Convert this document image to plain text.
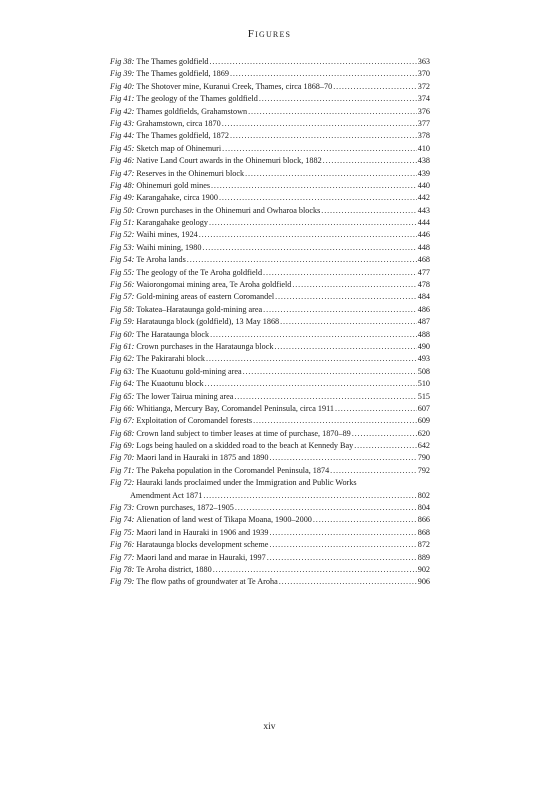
Figures
Fig 38: The Thames goldfield . . .	363
Fig 39: The Thames goldfield, 1869 . . .	370
Fig 40: The Shotover mine, Kuranui Creek, Thames, circa 1868–70 . . .	372
Fig 41: The geology of the Thames goldfield . . .	374
Fig 42: Thames goldfields, Grahamstown . . .	376
Fig 43: Grahamstown, circa 1870 . . .	377
Fig 44: The Thames goldfield, 1872 . . .	378
Fig 45: Sketch map of Ohinemuri . . .	410
Fig 46: Native Land Court awards in the Ohinemuri block, 1882 . . .	438
Fig 47: Reserves in the Ohinemuri block . . .	439
Fig 48: Ohinemuri gold mines . . .	440
Fig 49: Karangahake, circa 1900 . . .	442
Fig 50: Crown purchases in the Ohinemuri and Owharoa blocks . . .	443
Fig 51: Karangahake geology . . .	444
Fig 52: Waihi mines, 1924 . . .	446
Fig 53: Waihi mining, 1980 . . .	448
Fig 54: Te Aroha lands . . .	468
Fig 55: The geology of the Te Aroha goldfield . . .	477
Fig 56: Waiorongomai mining area, Te Aroha goldfield . . .	478
Fig 57: Gold-mining areas of eastern Coromandel . . .	484
Fig 58: Tokatea–Harataunga gold-mining area . . .	486
Fig 59: Harataunga block (goldfield), 13 May 1868 . . .	487
Fig 60: The Harataunga block . . .	488
Fig 61: Crown purchases in the Harataunga block . . .	490
Fig 62: The Pakirarahi block . . .	493
Fig 63: The Kuaotunu gold-mining area . . .	508
Fig 64: The Kuaotunu block . . .	510
Fig 65: The lower Tairua mining area . . .	515
Fig 66: Whitianga, Mercury Bay, Coromandel Peninsula, circa 1911 . . .	607
Fig 67: Exploitation of Coromandel forests . . .	609
Fig 68: Crown land subject to timber leases at time of purchase, 1870–89 . . .	620
Fig 69: Logs being hauled on a skidded road to the beach at Kennedy Bay . . .	642
Fig 70: Maori land in Hauraki in 1875 and 1890 . . .	790
Fig 71: The Pakeha population in the Coromandel Peninsula, 1874 . . .	792
Fig 72: Hauraki lands proclaimed under the Immigration and Public Works
Amendment Act 1871 . . .	802
Fig 73: Crown purchases, 1872–1905 . . .	804
Fig 74: Alienation of land west of Tikapa Moana, 1900–2000 . . .	866
Fig 75: Maori land in Hauraki in 1906 and 1939 . . .	868
Fig 76: Harataunga blocks development scheme . . .	872
Fig 77: Maori land and marae in Hauraki, 1997 . . .	889
Fig 78: Te Aroha district, 1880 . . .	902
Fig 79: The flow paths of groundwater at Te Aroha . . .	906
xiv
